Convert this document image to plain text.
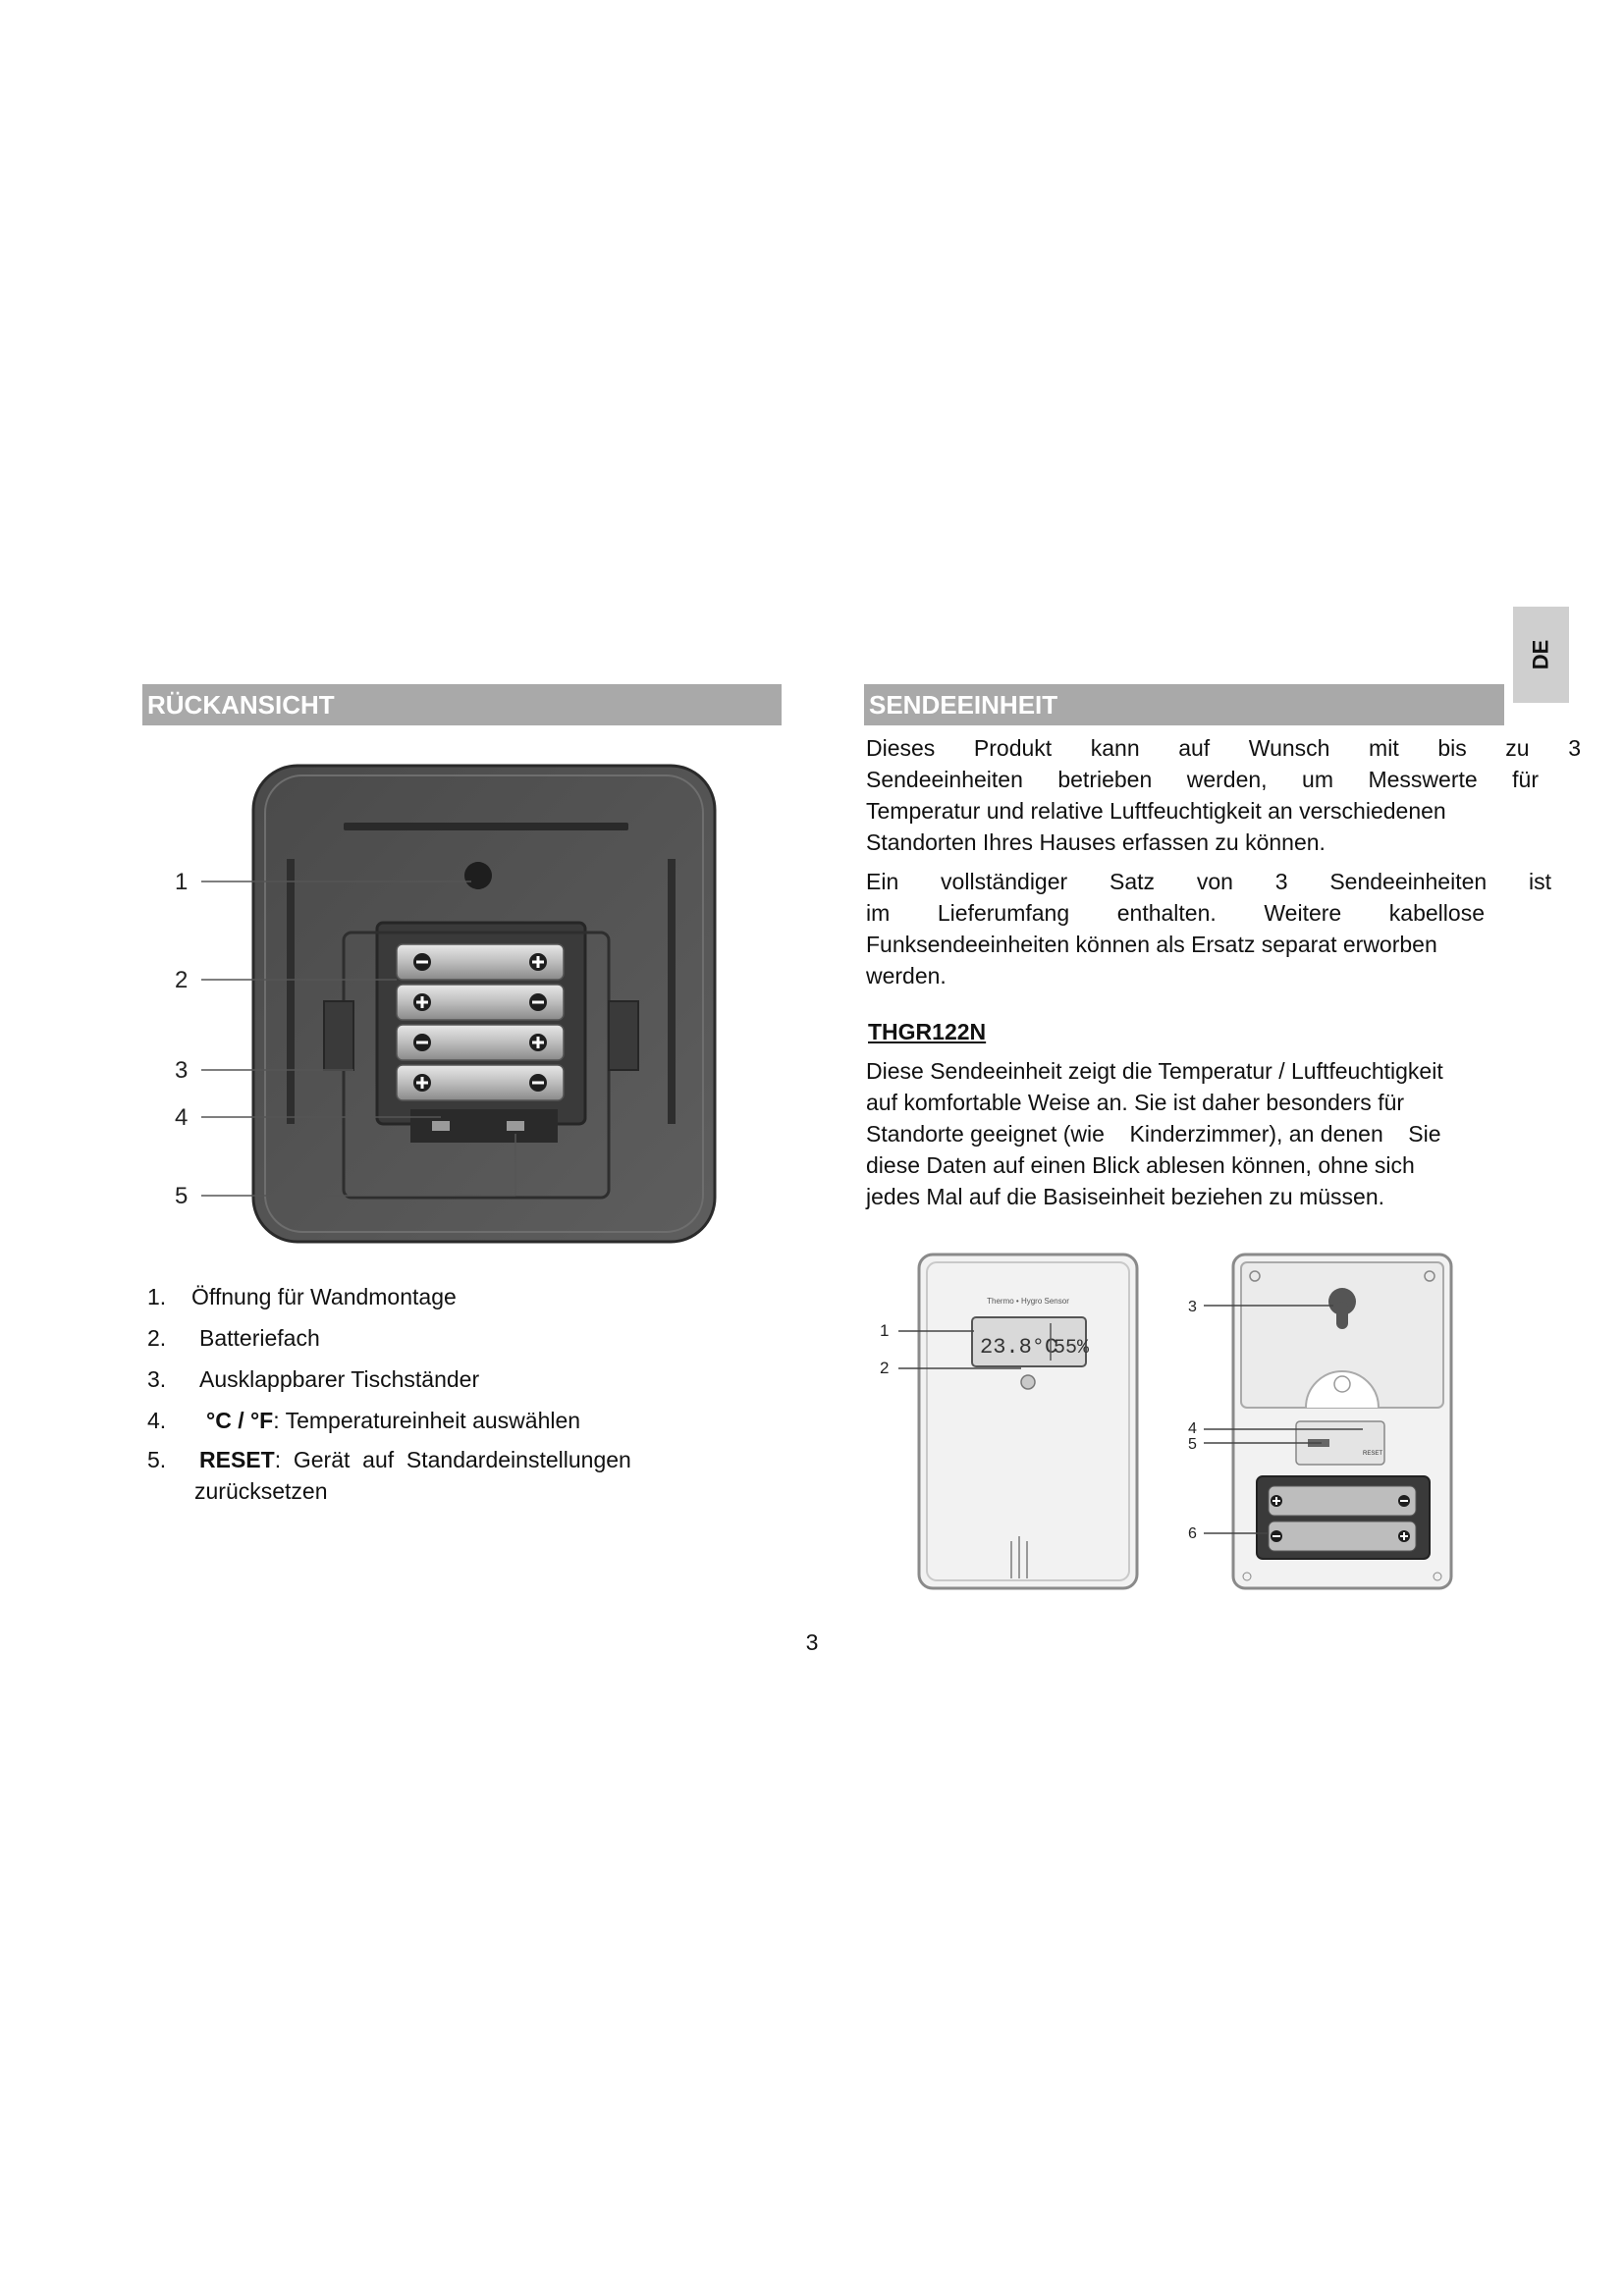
DE
RÜCKANSICHT	SENDEEINHEIT
1
2
3
4
5
1. Öffnung für Wandmontage
2. Batteriefach
3. Ausklappbarer Tischständer
4. °C / °F: Temperatureinheit auswählen
5. RESET:  Gerät  auf  Standardeinstellungen
zurücksetzen
Dieses Produkt kann auf Wunsch mit bis zu 3
Sendeeinheiten betrieben werden, um Messwerte für
Temperatur und relative Luftfeuchtigkeit an verschiedenen
Standorten Ihres Hauses erfassen zu können.
Ein vollständiger Satz von 3 Sendeeinheiten ist
im Lieferumfang enthalten. Weitere kabellose
Funksendeeinheiten können als Ersatz separat erworben
werden.
THGR122N
Diese Sendeeinheit zeigt die Temperatur / Luftfeuchtigkeit
auf komfortable Weise an. Sie ist daher besonders für
Standorte geeignet (wie    Kinderzimmer), an denen    Sie
diese Daten auf einen Blick ablesen können, ohne sich
jedes Mal auf die Basiseinheit beziehen zu müssen.
Thermo • Hygro Sensor
23.8°C
55%
1
2
RESET
3
4
5
6
3
